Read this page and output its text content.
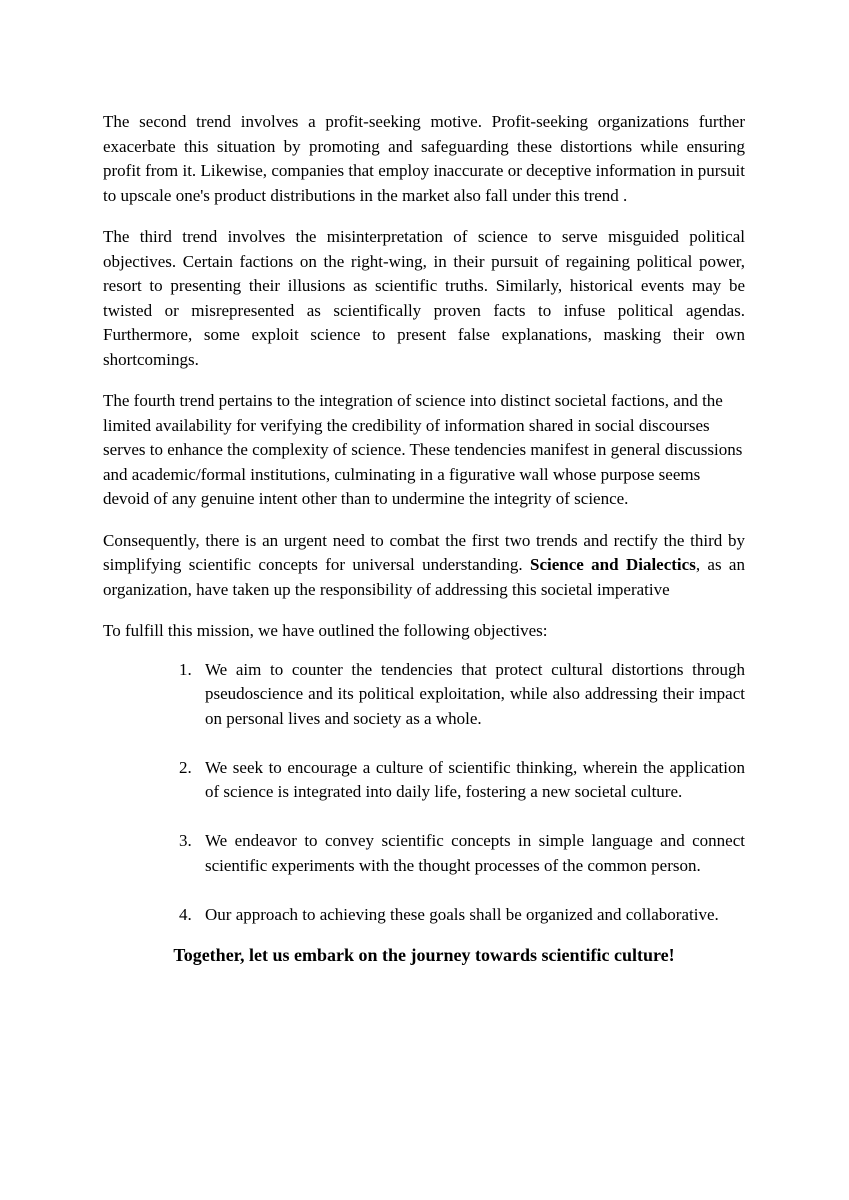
The second trend involves a profit-seeking motive. Profit-seeking organizations further exacerbate this situation by promoting and safeguarding these distortions while ensuring profit from it. Likewise, companies that employ inaccurate or deceptive information in pursuit to upscale one's product distributions in the market also fall under this trend .

The third trend involves the misinterpretation of science to serve misguided political objectives. Certain factions on the right-wing, in their pursuit of regaining political power, resort to presenting their illusions as scientific truths. Similarly, historical events may be twisted or misrepresented as scientifically proven facts to infuse political agendas. Furthermore, some exploit science to present false explanations, masking their own shortcomings.

The fourth trend pertains to the integration of science into distinct societal factions, and the limited availability for verifying the credibility of information shared in social discourses serves to enhance the complexity of science. These tendencies manifest in general discussions and academic/formal institutions, culminating in a figurative wall whose purpose seems devoid of any genuine intent other than to undermine the integrity of science.

Consequently, there is an urgent need to combat the first two trends and rectify the third by simplifying scientific concepts for universal understanding. Science and Dialectics, as an organization, have taken up the responsibility of addressing this societal imperative

To fulfill this mission, we have outlined the following objectives:

1. We aim to counter the tendencies that protect cultural distortions through pseudoscience and its political exploitation, while also addressing their impact on personal lives and society as a whole.
2. We seek to encourage a culture of scientific thinking, wherein the application of science is integrated into daily life, fostering a new societal culture.
3. We endeavor to convey scientific concepts in simple language and connect scientific experiments with the thought processes of the common person.
4. Our approach to achieving these goals shall be organized and collaborative.
Together, let us embark on the journey towards scientific culture!
